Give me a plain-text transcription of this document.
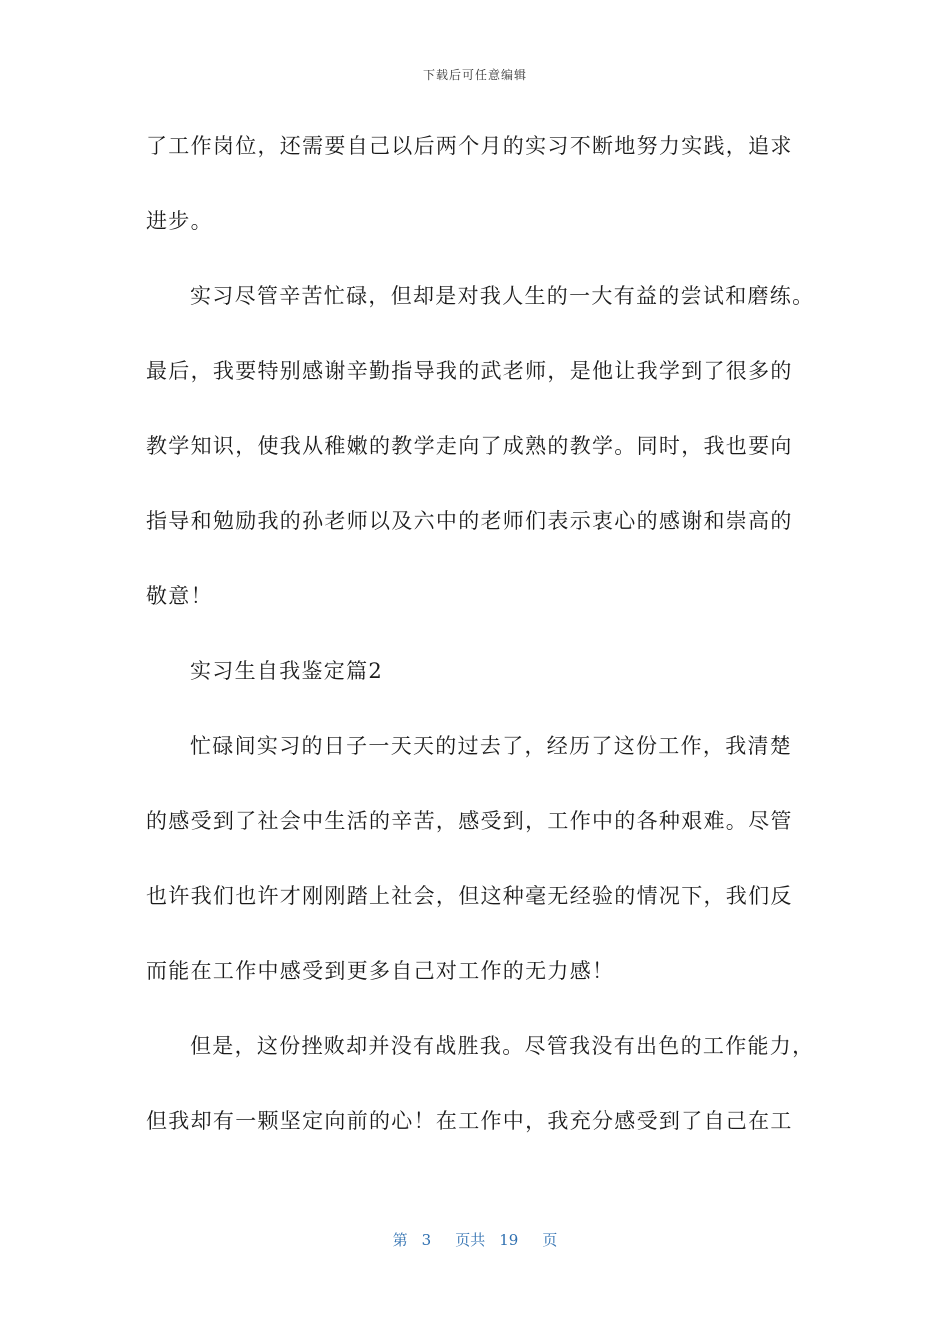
下载后可任意编辑
了工作岗位，还需要自己以后两个月的实习不断地努力实践，追求
进步。
实习尽管辛苦忙碌，但却是对我人生的一大有益的尝试和磨练。
最后，我要特别感谢辛勤指导我的武老师，是他让我学到了很多的
教学知识，使我从稚嫩的教学走向了成熟的教学。同时，我也要向
指导和勉励我的孙老师以及六中的老师们表示衷心的感谢和崇高的
敬意！
实习生自我鉴定篇2
忙碌间实习的日子一天天的过去了，经历了这份工作，我清楚
的感受到了社会中生活的辛苦，感受到，工作中的各种艰难。尽管
也许我们也许才刚刚踏上社会，但这种毫无经验的情况下，我们反
而能在工作中感受到更多自己对工作的无力感！
但是，这份挫败却并没有战胜我。尽管我没有出色的工作能力，
但我却有一颗坚定向前的心！在工作中，我充分感受到了自己在工
第 3 页共 19 页
